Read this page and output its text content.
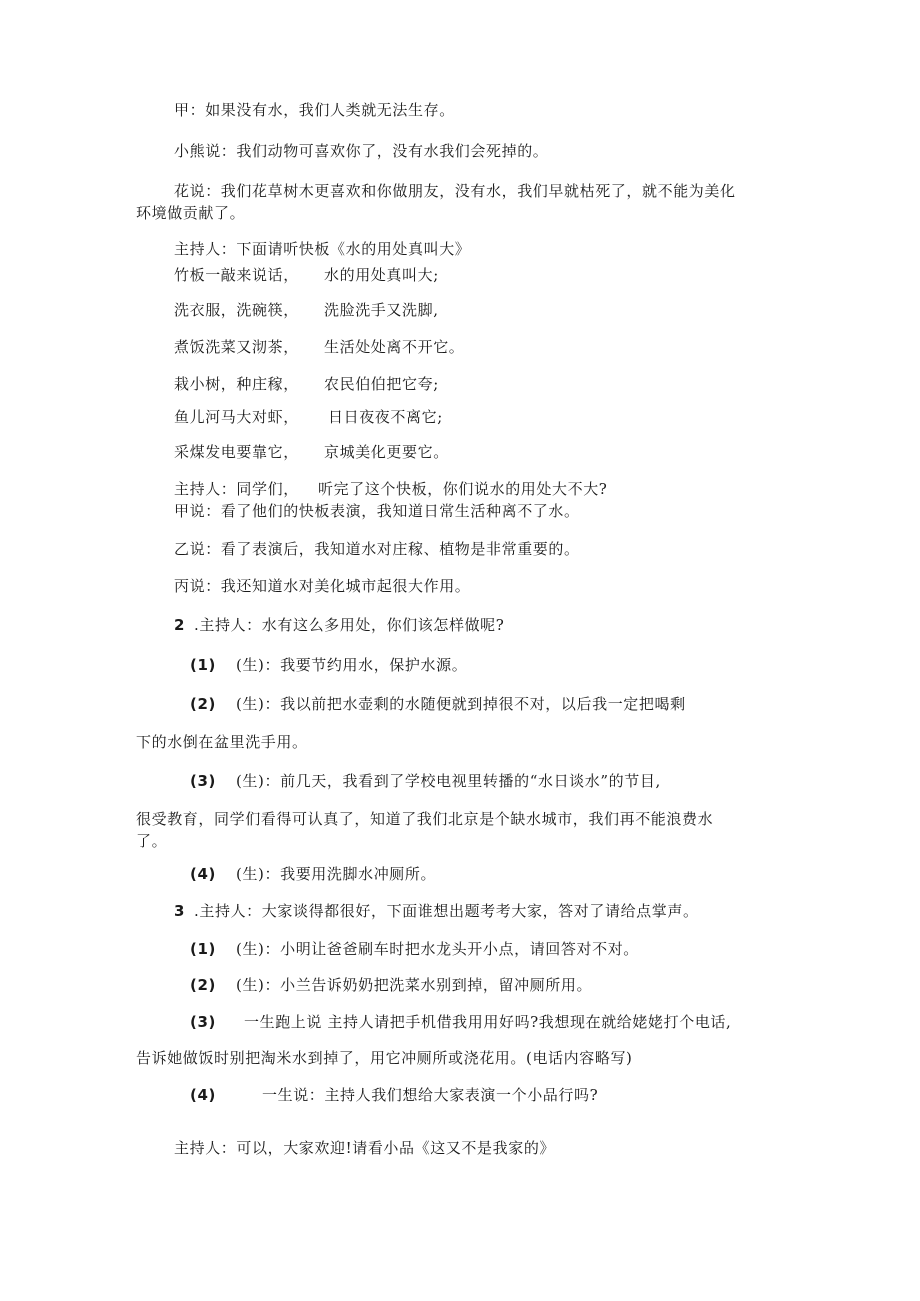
甲：如果没有水，我们人类就无法生存。
小熊说：我们动物可喜欢你了，没有水我们会死掉的。
花说：我们花草树木更喜欢和你做朋友，没有水，我们早就枯死了，就不能为美化
环境做贡献了。
主持人：下面请听快板《水的用处真叫大》
竹板一敲来说话， 水的用处真叫大;
洗衣服，洗碗筷， 洗脸洗手又洗脚,
煮饭洗菜又沏茶， 生活处处离不开它。
栽小树，种庄稼， 农民伯伯把它夸;
鱼儿河马大对虾， 日日夜夜不离它;
采煤发电要靠它， 京城美化更要它。
主持人：同学们， 听完了这个快板，你们说水的用处大不大?
甲说：看了他们的快板表演，我知道日常生活种离不了水。
乙说：看了表演后，我知道水对庄稼、植物是非常重要的。
丙说：我还知道水对美化城市起很大作用。
2 .主持人：水有这么多用处，你们该怎样做呢?
(1) (生)：我要节约用水，保护水源。
(2) (生)：我以前把水壶剩的水随便就到掉很不对，以后我一定把喝剩
下的水倒在盆里洗手用。
(3) (生)：前几天，我看到了学校电视里转播的“水日谈水”的节目,
很受教育，同学们看得可认真了，知道了我们北京是个缺水城市，我们再不能浪费水
了。
(4) (生)：我要用洗脚水冲厕所。
3 .主持人：大家谈得都很好，下面谁想出题考考大家，答对了请给点掌声。
(1) (生)：小明让爸爸刷车时把水龙头开小点，请回答对不对。
(2) (生)：小兰告诉奶奶把洗菜水别到掉，留冲厕所用。
(3) 一生跑上说 主持人请把手机借我用用好吗?我想现在就给姥姥打个电话,
告诉她做饭时别把淘米水到掉了，用它冲厕所或浇花用。(电话内容略写)
(4)	一生说：主持人我们想给大家表演一个小品行吗?
主持人：可以，大家欢迎!请看小品《这又不是我家的》
